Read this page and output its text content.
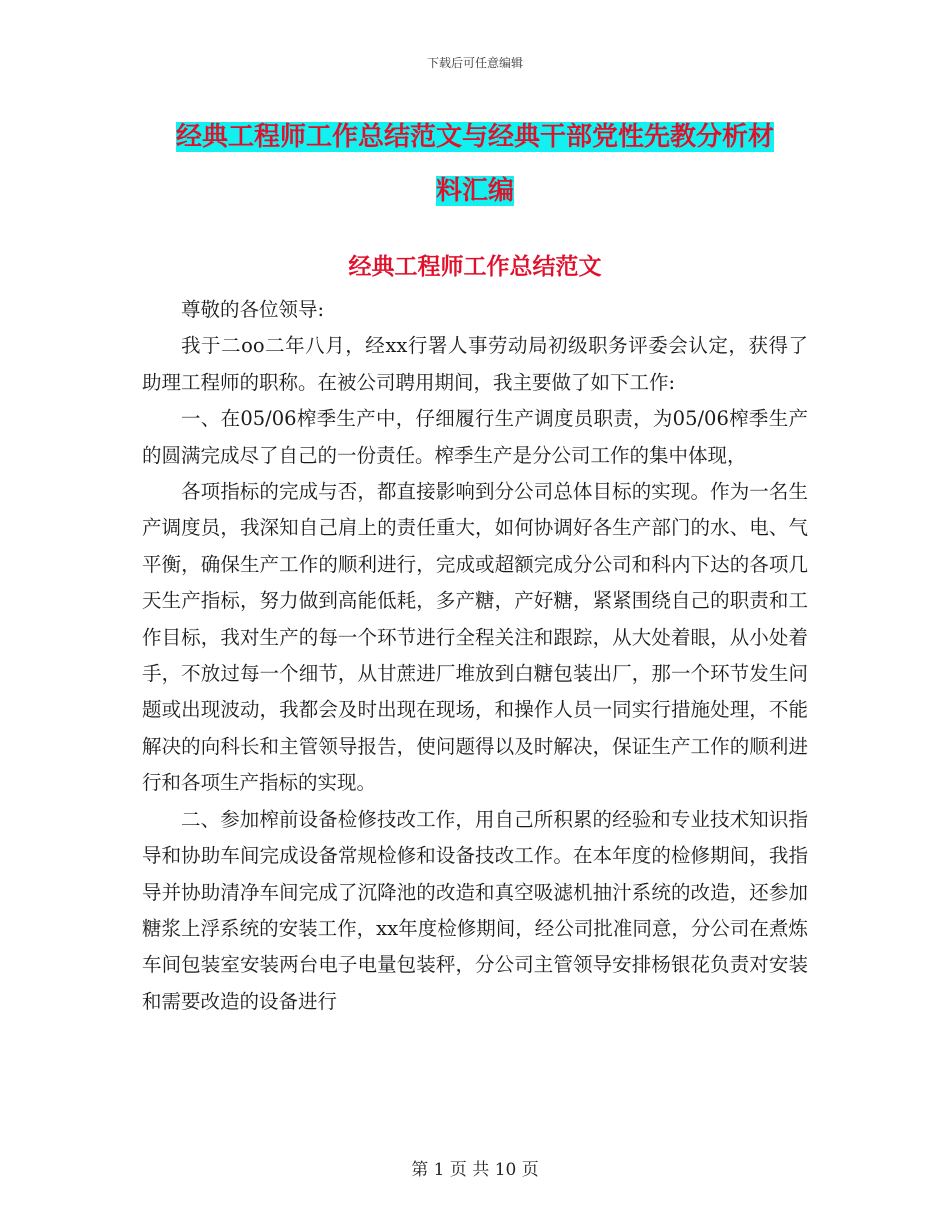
下载后可任意编辑
经典工程师工作总结范文与经典干部党性先教分析材
料汇编
经典工程师工作总结范文

尊敬的各位领导:

我于二oo二年八月，经xx行署人事劳动局初级职务评委会认定，获得了助理工程师的职称。在被公司聘用期间，我主要做了如下工作:

一、在05/06榨季生产中，仔细履行生产调度员职责，为05/06榨季生产的圆满完成尽了自己的一份责任。榨季生产是分公司工作的集中体现，

各项指标的完成与否，都直接影响到分公司总体目标的实现。作为一名生产调度员，我深知自己肩上的责任重大，如何协调好各生产部门的水、电、气平衡，确保生产工作的顺利进行，完成或超额完成分公司和科内下达的各项几天生产指标，努力做到高能低耗，多产糖，产好糖，紧紧围绕自己的职责和工作目标，我对生产的每一个环节进行全程关注和跟踪，从大处着眼，从小处着手，不放过每一个细节，从甘蔗进厂堆放到白糖包装出厂，那一个环节发生问题或出现波动，我都会及时出现在现场，和操作人员一同实行措施处理，不能解决的向科长和主管领导报告，使问题得以及时解决，保证生产工作的顺利进行和各项生产指标的实现。

二、参加榨前设备检修技改工作，用自己所积累的经验和专业技术知识指导和协助车间完成设备常规检修和设备技改工作。在本年度的检修期间，我指导并协助清净车间完成了沉降池的改造和真空吸滤机抽汁系统的改造，还参加糖浆上浮系统的安装工作，xx年度检修期间，经公司批准同意，分公司在煮炼车间包装室安装两台电子电量包装秤，分公司主管领导安排杨银花负责对安装和需要改造的设备进行

第 1 页 共 10 页
